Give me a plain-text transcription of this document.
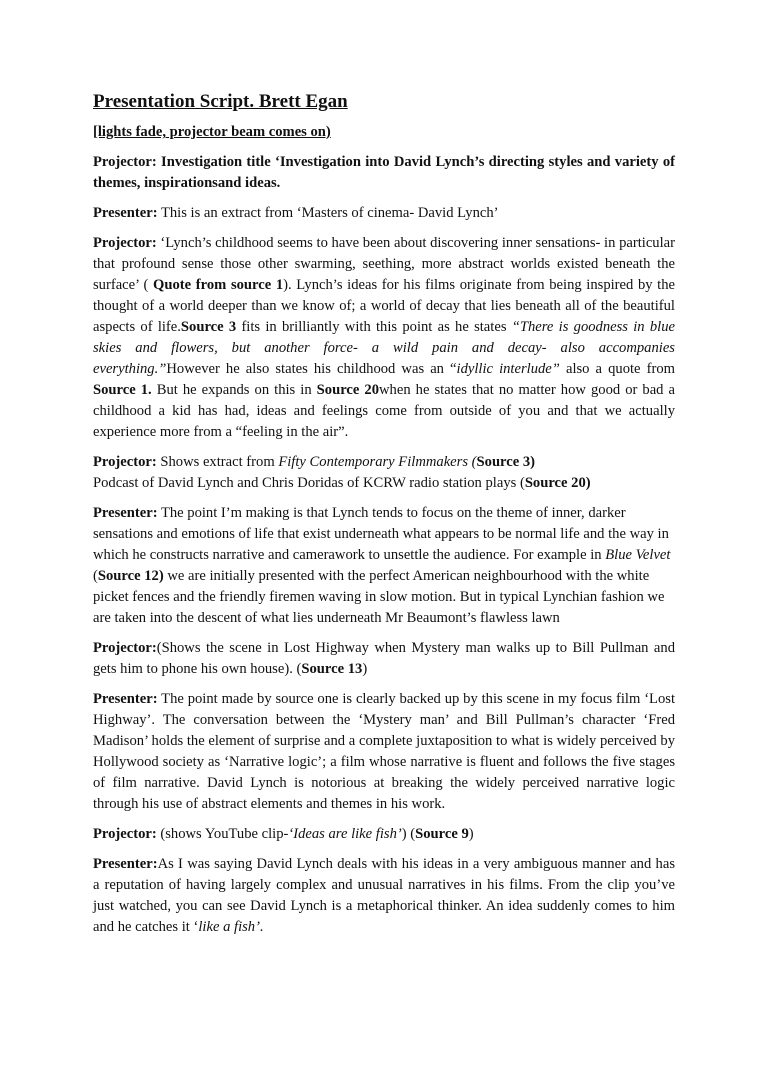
Presentation Script. Brett Egan

[lights fade, projector beam comes on)

Projector: Investigation title ‘Investigation into David Lynch’s directing styles and variety of themes, inspirationsand ideas.

Presenter: This is an extract from ‘Masters of cinema- David Lynch’

Projector: ‘Lynch’s childhood seems to have been about discovering inner sensations- in particular that profound sense those other swarming, seething, more abstract worlds existed beneath the surface’ ( Quote from source 1). Lynch’s ideas for his films originate from being inspired by the thought of a world deeper than we know of; a world of decay that lies beneath all of the beautiful aspects of life.Source 3 fits in brilliantly with this point as he states “There is goodness in blue skies and flowers, but another force- a wild pain and decay- also accompanies everything.”However he also states his childhood was an “idyllic interlude” also a quote from Source 1. But he expands on this in Source 20when he states that no matter how good or bad a childhood a kid has had, ideas and feelings come from outside of you and that we actually experience more from a “feeling in the air”.

Projector: Shows extract from Fifty Contemporary Filmmakers (Source 3)
Podcast of David Lynch and Chris Doridas of KCRW radio station plays (Source 20)

Presenter: The point I’m making is that Lynch tends to focus on the theme of inner, darker sensations and emotions of life that exist underneath what appears to be normal life and the way in which he constructs narrative and camerawork to unsettle the audience. For example in Blue Velvet (Source 12) we are initially presented with the perfect American neighbourhood with the white picket fences and the friendly firemen waving in slow motion. But in typical Lynchian fashion we are taken into the descent of what lies underneath Mr Beaumont’s flawless lawn

Projector:(Shows the scene in Lost Highway when Mystery man walks up to Bill Pullman and gets him to phone his own house). (Source 13)

Presenter: The point made by source one is clearly backed up by this scene in my focus film ‘Lost Highway’. The conversation between the ‘Mystery man’ and Bill Pullman’s character ‘Fred Madison’ holds the element of surprise and a complete juxtaposition to what is widely perceived by Hollywood society as ‘Narrative logic’; a film whose narrative is fluent and follows the five stages of film narrative. David Lynch is notorious at breaking the widely perceived narrative logic through his use of abstract elements and themes in his work.

Projector: (shows YouTube clip-‘Ideas are like fish’) (Source 9)

Presenter:As I was saying David Lynch deals with his ideas in a very ambiguous manner and has a reputation of having largely complex and unusual narratives in his films. From the clip you’ve just watched, you can see David Lynch is a metaphorical thinker. An idea suddenly comes to him and he catches it ‘like a fish’.
